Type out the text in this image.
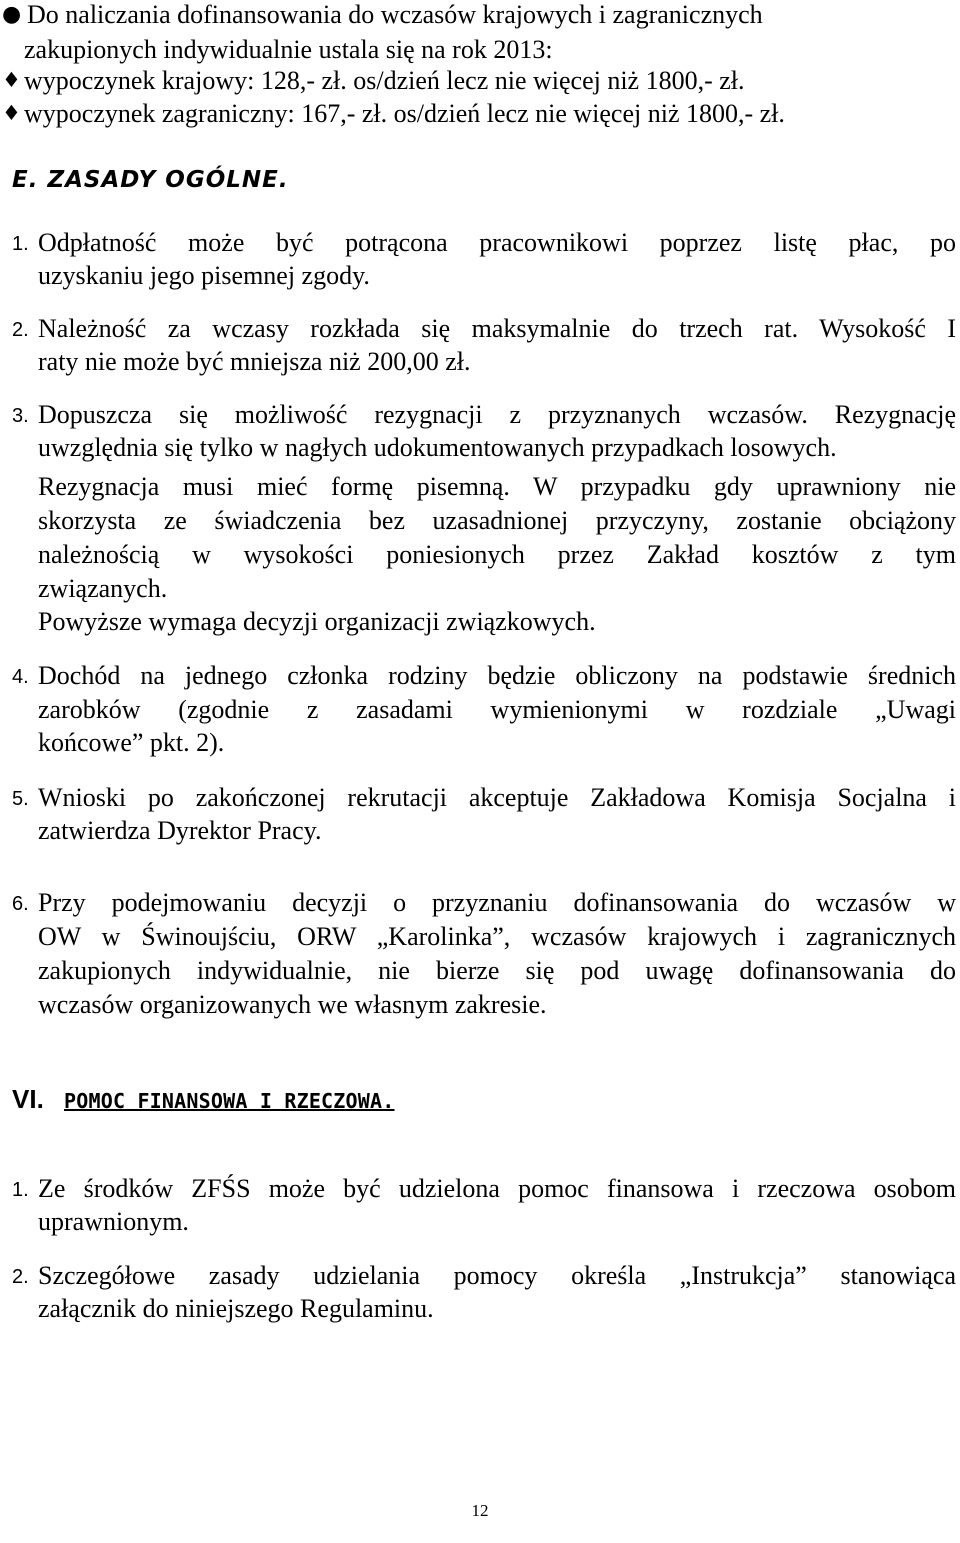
● Do naliczania dofinansowania do wczasów krajowych i zagranicznych
zakupionych indywidualnie ustala się na rok 2013:
♦ wypoczynek krajowy: 128,- zł. os/dzień lecz nie więcej niż 1800,- zł.
♦ wypoczynek zagraniczny: 167,- zł. os/dzień lecz nie więcej niż 1800,- zł.
E. ZASADY OGÓLNE.
1. Odpłatność może być potrącona pracownikowi poprzez listę płac, po
uzyskaniu jego pisemnej zgody.
2. Należność za wczasy rozkłada się maksymalnie do trzech rat. Wysokość I
raty nie może być mniejsza niż 200,00 zł.
3. Dopuszcza się możliwość rezygnacji z przyznanych wczasów. Rezygnację
uwzględnia się tylko w nagłych udokumentowanych przypadkach losowych.
Rezygnacja musi mieć formę pisemną. W przypadku gdy uprawniony nie
skorzysta ze świadczenia bez uzasadnionej przyczyny, zostanie obciążony
należnością w wysokości poniesionych przez Zakład kosztów z tym
związanych.
Powyższe wymaga decyzji organizacji związkowych.
4. Dochód na jednego członka rodziny będzie obliczony na podstawie średnich
zarobków (zgodnie z zasadami wymienionymi w rozdziale „Uwagi
końcowe” pkt. 2).
5. Wnioski po zakończonej rekrutacji akceptuje Zakładowa Komisja Socjalna i
zatwierdza Dyrektor Pracy.
6. Przy podejmowaniu decyzji o przyznaniu dofinansowania do wczasów w
OW w Świnoujściu, ORW „Karolinka”, wczasów krajowych i zagranicznych
zakupionych indywidualnie, nie bierze się pod uwagę dofinansowania do
wczasów organizowanych we własnym zakresie.
VI. POMOC FINANSOWA I RZECZOWA.
1. Ze środków ZFŚS może być udzielona pomoc finansowa i rzeczowa osobom
uprawnionym.
2. Szczegółowe zasady udzielania pomocy określa „Instrukcja” stanowiąca
załącznik do niniejszego Regulaminu.
12
